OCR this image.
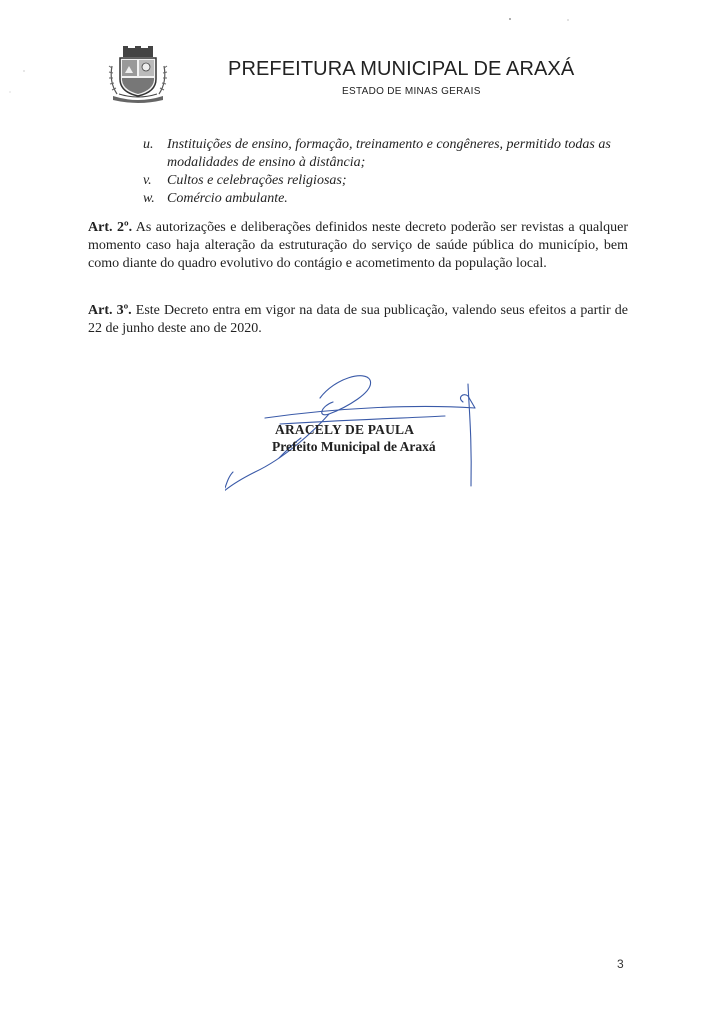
PREFEITURA MUNICIPAL DE ARAXÁ
ESTADO DE MINAS GERAIS
u. Instituições de ensino, formação, treinamento e congêneres, permitido todas as modalidades de ensino à distância;
v. Cultos e celebrações religiosas;
w. Comércio ambulante.
Art. 2º. As autorizações e deliberações definidos neste decreto poderão ser revistas a qualquer momento caso haja alteração da estruturação do serviço de saúde pública do município, bem como diante do quadro evolutivo do contágio e acometimento da população local.
Art. 3º. Este Decreto entra em vigor na data de sua publicação, valendo seus efeitos a partir de 22 de junho deste ano de 2020.
ARACELY DE PAULA
Prefeito Municipal de Araxá
3
